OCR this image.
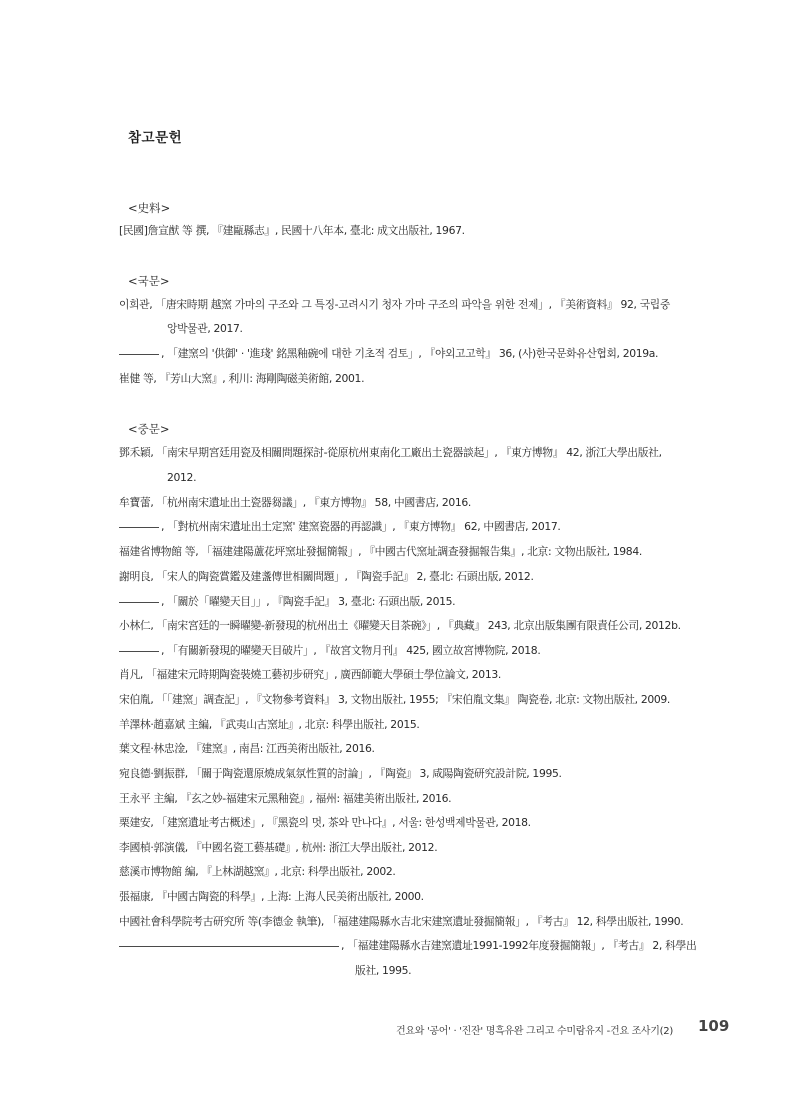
참고문헌
<史料>
[民國]詹宣猷 等 撰, 『建甌縣志』, 民國十八年本, 臺北: 成文出版社, 1967.
<국문>
이희관, 「唐宋時期 越窯 가마의 구조와 그 특징-고려시기 청자 가마 구조의 파악을 위한 전제」, 『美術資料』 92, 국립중
앙박물관, 2017.
, 「建窯의 '供御' · '進琖' 銘黑釉碗에 대한 기초적 검토」, 『야외고고학』 36, (사)한국문화유산협회, 2019a.
崔健 等, 『芳山大窯』, 利川: 海剛陶磁美術館, 2001.
<중문>
鄧禾穎, 「南宋早期宮廷用瓷及相關問題探討-從原杭州東南化工廠出土瓷器談起」, 『東方博物』 42, 浙江大學出版社,
2012.
牟寶蕾, 「杭州南宋遺址出土瓷器芻議」, 『東方博物』 58, 中國書店, 2016.
, 「對杭州南宋遺址出土定窯' 建窯瓷器的再認識」, 『東方博物』 62, 中國書店, 2017.
福建省博物館 等, 「福建建陽蘆花坪窯址發掘簡報」, 『中國古代窯址調查發掘報告集』, 北京: 文物出版社, 1984.
謝明良, 「宋人的陶瓷賞鑑及建盞傳世相關問題」, 『陶瓷手記』 2, 臺北: 石頭出版, 2012.
, 「關於「曜變天目」」, 『陶瓷手記』 3, 臺北: 石頭出版, 2015.
小林仁, 「南宋宮廷的一瞬曜變-新發現的杭州出土《曜變天目茶碗》」, 『典藏』 243, 北京出版集團有限責任公司, 2012b.
, 「有關新發現的曜變天目破片」, 『故宮文物月刊』 425, 國立故宮博物院, 2018.
肖凡, 「福建宋元時期陶瓷裝燒工藝初步研究」, 廣西師範大學碩士學位論文, 2013.
宋伯胤, 「「建窯」調查記」, 『文物參考資料』 3, 文物出版社, 1955; 『宋伯胤文集』 陶瓷卷, 北京: 文物出版社, 2009.
羊澤林·趙嘉斌 主編, 『武夷山古窯址』, 北京: 科學出版社, 2015.
葉文程·林忠淦, 『建窯』, 南昌: 江西美術出版社, 2016.
宛良德·劉振群, 「關于陶瓷還原燒成氣氛性質的討論」, 『陶瓷』 3, 咸陽陶瓷研究設計院, 1995.
王永平 主編, 『玄之妙-福建宋元黑釉瓷』, 福州: 福建美術出版社, 2016.
栗建安, 「建窯遺址考古概述」, 『黑瓷의 멋, 茶와 만나다』, 서울: 한성백제박물관, 2018.
李國楨·郭演儀, 『中國名瓷工藝基礎』, 杭州: 浙江大學出版社, 2012.
慈溪市博物館 編, 『上林湖越窯』, 北京: 科學出版社, 2002.
張福康, 『中國古陶瓷的科學』, 上海: 上海人民美術出版社, 2000.
中國社會科學院考古研究所 等(李德金 執筆), 「福建建陽縣水吉北宋建窯遺址發掘簡報」, 『考古』 12, 科學出版社, 1990.
, 「福建建陽縣水吉建窯遺址1991-1992年度發掘簡報」, 『考古』 2, 科學出
版社, 1995.
건요와 '공어' · '진잔' 명흑유완 그리고 수미람유지 -건요 조사기(2) 109
